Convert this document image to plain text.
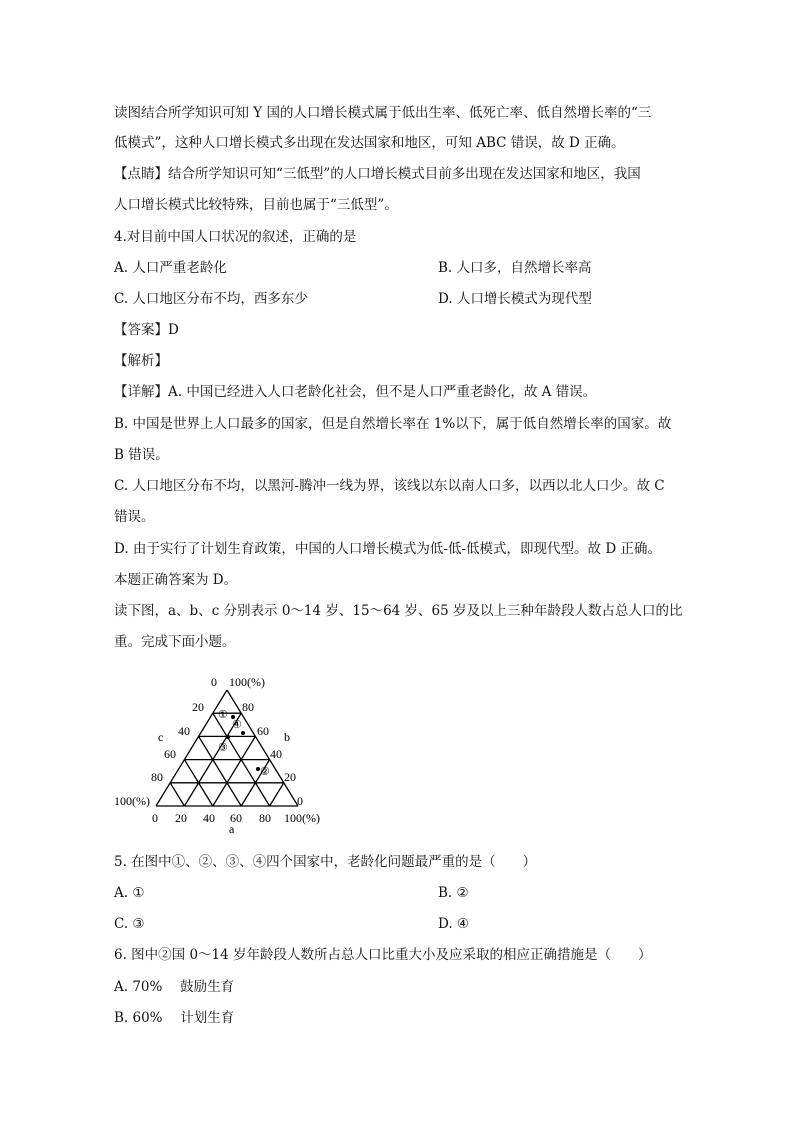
读图结合所学知识可知 Y 国的人口增长模式属于低出生率、低死亡率、低自然增长率的“三
低模式”，这种人口增长模式多出现在发达国家和地区，可知 ABC 错误，故 D 正确。
【点睛】结合所学知识可知“三低型”的人口增长模式目前多出现在发达国家和地区，我国
人口增长模式比较特殊，目前也属于“三低型”。
4.对目前中国人口状况的叙述，正确的是
A. 人口严重老龄化	B. 人口多，自然增长率高
C. 人口地区分布不均，西多东少	D. 人口增长模式为现代型
【答案】D
【解析】
【详解】A. 中国已经进入人口老龄化社会，但不是人口严重老龄化，故 A 错误。
B. 中国是世界上人口最多的国家，但是自然增长率在 1%以下，属于低自然增长率的国家。故
B 错误。
C. 人口地区分布不均，以黑河-腾冲一线为界，该线以东以南人口多，以西以北人口少。故 C
错误。
D. 由于实行了计划生育政策，中国的人口增长模式为低-低-低模式，即现代型。故 D 正确。
本题正确答案为 D。
读下图，a、b、c 分别表示 0～14 岁、15～64 岁、65 岁及以上三种年龄段人数占总人口的比
重。完成下面小题。
0 100(%)
20
40
60
80
100(%)
80
60
40
20
0
0 20 40 60 80 100(%)
a
b
c
①
④
③
②
5. 在图中①、②、③、④四个国家中，老龄化问题最严重的是（　　）
A. ①	B. ②
C. ③	D. ④
6. 图中②国 0～14 岁年龄段人数所占总人口比重大小及应采取的相应正确措施是（　　）
A. 70%　 鼓励生育
B. 60%　 计划生育
